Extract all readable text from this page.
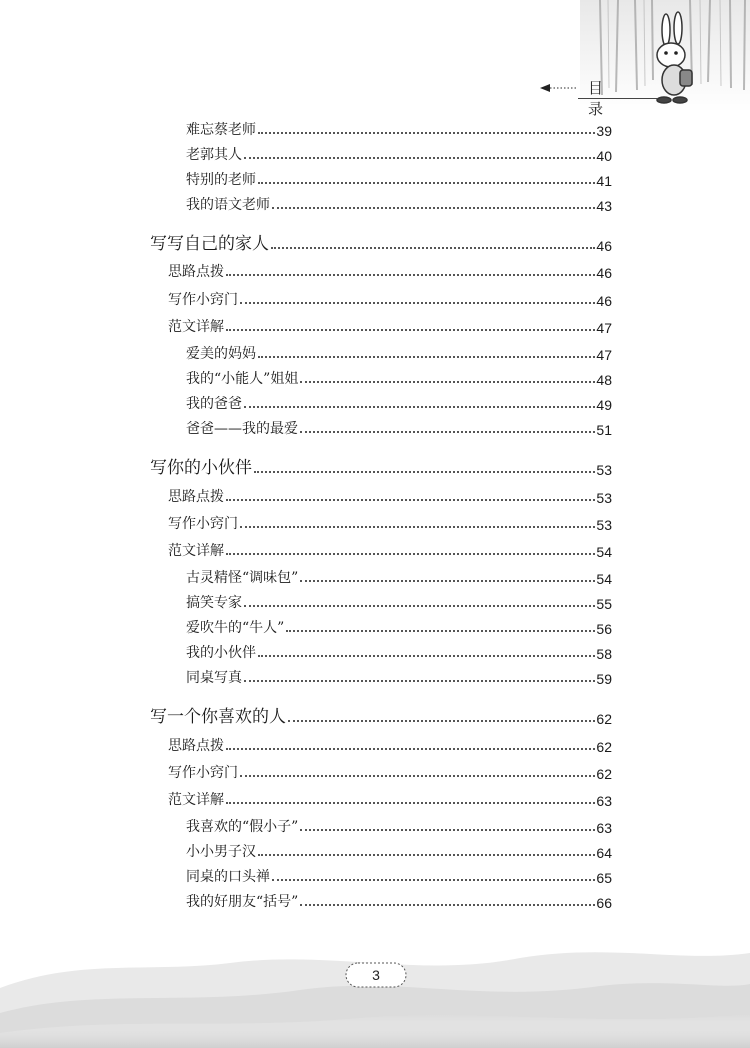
目 录
难忘蔡老师	39
老郭其人	40
特别的老师	41
我的语文老师	43
写写自己的家人	46
思路点拨	46
写作小窍门	46
范文详解	47
爱美的妈妈	47
我的“小能人”姐姐	48
我的爸爸	49
爸爸——我的最爱	51
写你的小伙伴	53
思路点拨	53
写作小窍门	53
范文详解	54
古灵精怪“调味包”	54
搞笑专家	55
爱吹牛的“牛人”	56
我的小伙伴	58
同桌写真	59
写一个你喜欢的人	62
思路点拨	62
写作小窍门	62
范文详解	63
我喜欢的“假小子”	63
小小男子汉	64
同桌的口头禅	65
我的好朋友“括号”	66
3
